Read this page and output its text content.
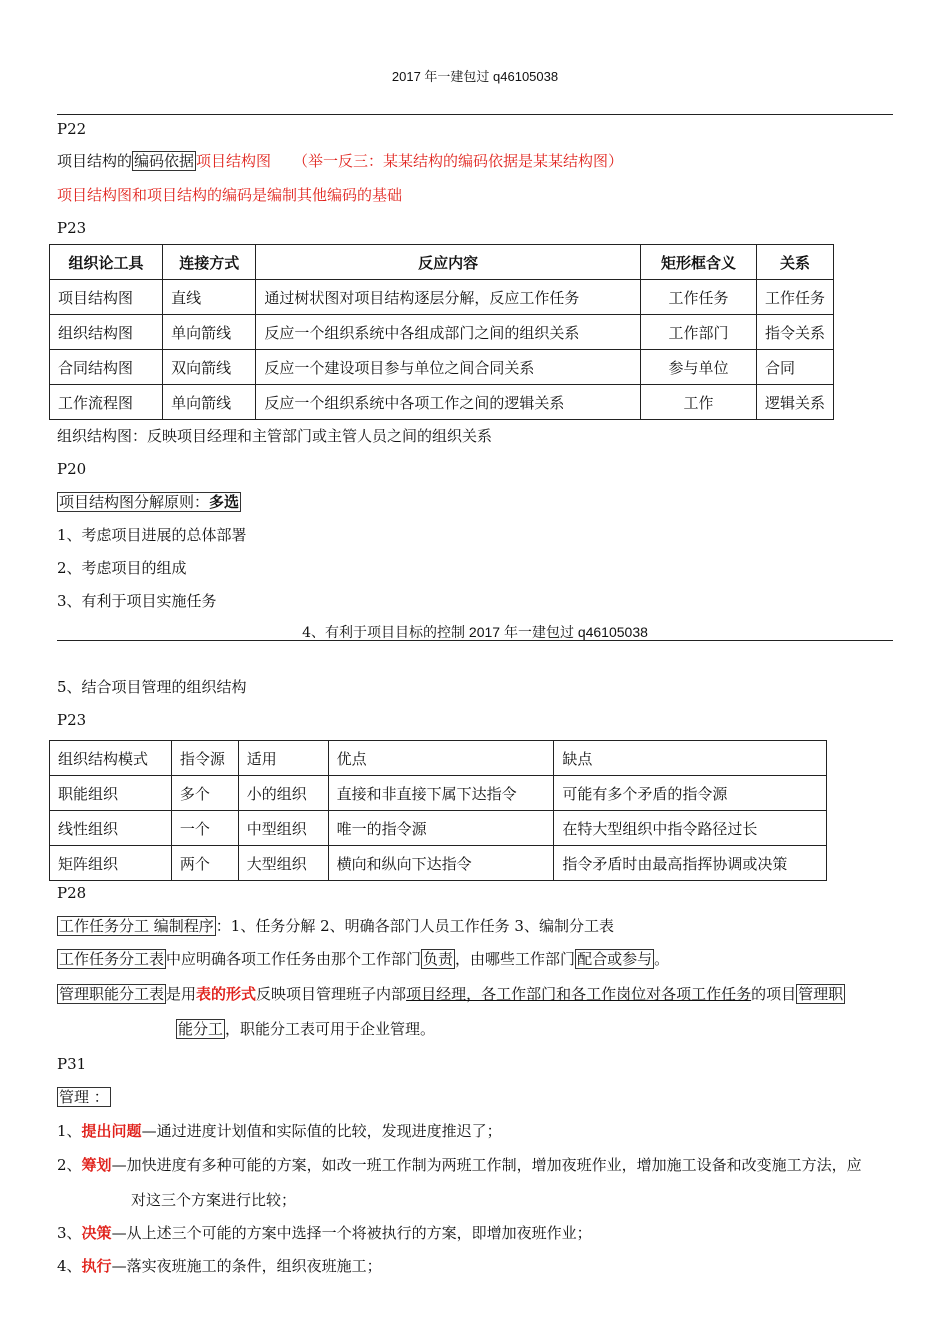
2017 年一建包过 q46105038
P22
项目结构的 编码依据 项目结构图 （举一反三：某某结构的编码依据是某某结构图）
项目结构图和项目结构的编码是编制其他编码的基础
P23
组织论工具	连接方式	反应内容	矩形框含义	关系
项目结构图	直线	通过树状图对项目结构逐层分解，反应工作任务	工作任务	工作任务
组织结构图	单向箭线	反应一个组织系统中各组成部门之间的组织关系	工作部门	指令关系
合同结构图	双向箭线	反应一个建设项目参与单位之间合同关系	参与单位	合同
工作流程图	单向箭线	反应一个组织系统中各项工作之间的逻辑关系	工作	逻辑关系
组织结构图：反映项目经理和主管部门或主管人员之间的组织关系
P20
项目结构图分解原则：多选
1、考虑项目进展的总体部署
2、考虑项目的组成
3、有利于项目实施任务
4、有利于项目目标的控制 2017 年一建包过 q46105038
5、结合项目管理的组织结构
P23
组织结构模式	指令源	适用	优点	缺点
职能组织	多个	小的组织	直接和非直接下属下达指令	可能有多个矛盾的指令源
线性组织	一个	中型组织	唯一的指令源	在特大型组织中指令路径过长
矩阵组织	两个	大型组织	横向和纵向下达指令	指令矛盾时由最高指挥协调或决策
P28
工作任务分工 编制程序 ：1、任务分解 2、明确各部门人员工作任务 3、编制分工表
工作任务分工表 中应明确各项工作任务由那个工作部门 负责 ，由哪些工作部门 配合或参与 。
管理职能分工表 是用表的形式反映项目管理班子内部项目经理，各工作部门和各工作岗位对各项工作任务的项目 管理职
能分工 ，职能分工表可用于企业管理。
P31
管理 ：
1、提出问题—通过进度计划值和实际值的比较，发现进度推迟了；
2、筹划—加快进度有多种可能的方案，如改一班工作制为两班工作制，增加夜班作业，增加施工设备和改变施工方法，应
对这三个方案进行比较；
3、决策—从上述三个可能的方案中选择一个将被执行的方案，即增加夜班作业；
4、执行—落实夜班施工的条件，组织夜班施工；
